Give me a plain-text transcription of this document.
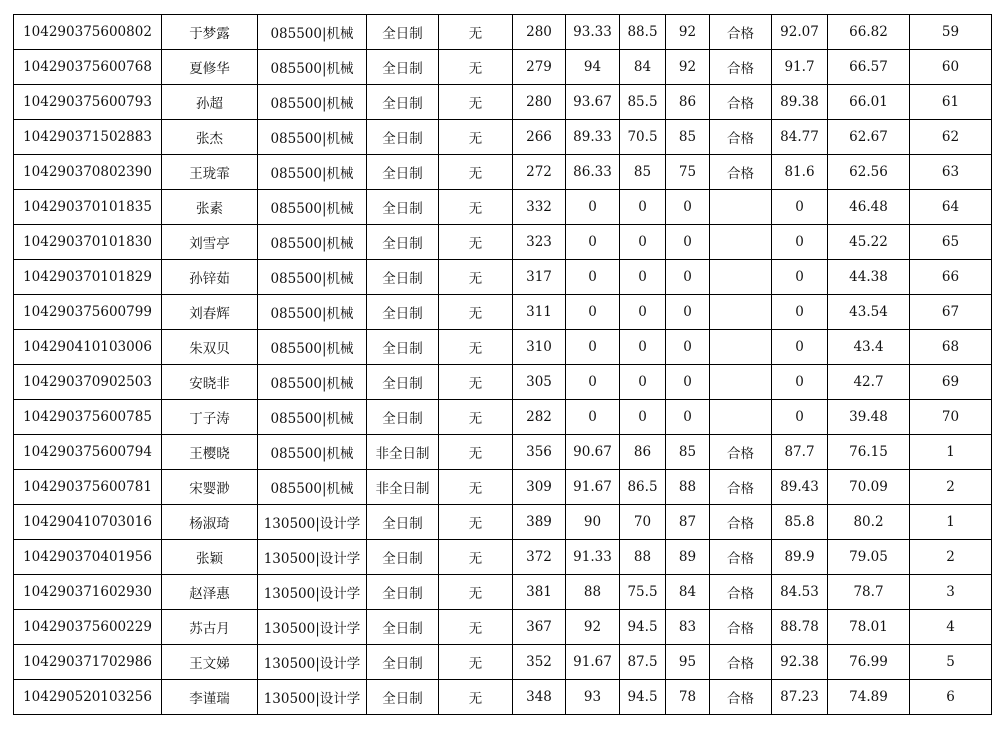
104290375600802	于梦露	085500|机械	全日制	无	280	93.33	88.5	92	合格	92.07	66.82	59
104290375600768	夏修华	085500|机械	全日制	无	279	94	84	92	合格	91.7	66.57	60
104290375600793	孙超	085500|机械	全日制	无	280	93.67	85.5	86	合格	89.38	66.01	61
104290371502883	张杰	085500|机械	全日制	无	266	89.33	70.5	85	合格	84.77	62.67	62
104290370802390	王珑霏	085500|机械	全日制	无	272	86.33	85	75	合格	81.6	62.56	63
104290370101835	张素	085500|机械	全日制	无	332	0	0	0		0	46.48	64
104290370101830	刘雪亭	085500|机械	全日制	无	323	0	0	0		0	45.22	65
104290370101829	孙锌茹	085500|机械	全日制	无	317	0	0	0		0	44.38	66
104290375600799	刘春辉	085500|机械	全日制	无	311	0	0	0		0	43.54	67
104290410103006	朱双贝	085500|机械	全日制	无	310	0	0	0		0	43.4	68
104290370902503	安晓非	085500|机械	全日制	无	305	0	0	0		0	42.7	69
104290375600785	丁子涛	085500|机械	全日制	无	282	0	0	0		0	39.48	70
104290375600794	王樱晓	085500|机械	非全日制	无	356	90.67	86	85	合格	87.7	76.15	1
104290375600781	宋婴渺	085500|机械	非全日制	无	309	91.67	86.5	88	合格	89.43	70.09	2
104290410703016	杨淑琦	130500|设计学	全日制	无	389	90	70	87	合格	85.8	80.2	1
104290370401956	张颖	130500|设计学	全日制	无	372	91.33	88	89	合格	89.9	79.05	2
104290371602930	赵泽惠	130500|设计学	全日制	无	381	88	75.5	84	合格	84.53	78.7	3
104290375600229	苏古月	130500|设计学	全日制	无	367	92	94.5	83	合格	88.78	78.01	4
104290371702986	王文娣	130500|设计学	全日制	无	352	91.67	87.5	95	合格	92.38	76.99	5
104290520103256	李谨瑞	130500|设计学	全日制	无	348	93	94.5	78	合格	87.23	74.89	6
